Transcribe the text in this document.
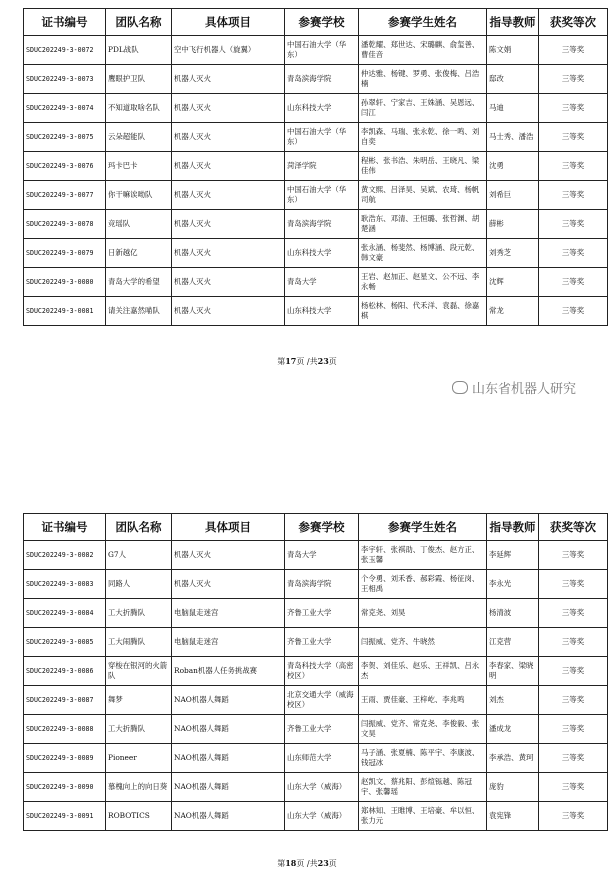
证书编号	团队名称	具体项目	参赛学校	参赛学生姓名	指导教师	获奖等次
SDUC202249-3-0072	PDL战队	空中飞行机器人（旋翼）	中国石油大学（华东）	潘乾耀、郑世达、宋璐麒、俞玺善、曹佳音	陈文娟	三等奖
SDUC202249-3-0073	鹰眼护卫队	机器人灭火	青岛滨海学院	仲达雅、杨键、罗勇、张俊梅、吕浩楠	邸改	三等奖
SDUC202249-3-0074	不知道取啥名队	机器人灭火	山东科技大学	孙翠轩、宁家吉、王姝涵、吴恩远、闫江	马迪	三等奖
SDUC202249-3-0075	云朵超能队	机器人灭火	中国石油大学（华东）	李凯森、马瑞、张永乾、徐一鸣、刘自奕	马士秀、潘浩	三等奖
SDUC202249-3-0076	玛卡巴卡	机器人灭火	菏泽学院	程彬、张书浩、朱明岳、王晓凡、梁佳伟	沈勇	三等奖
SDUC202249-3-0077	你干嘛诶呦队	机器人灭火	中国石油大学（华东）	黄文熙、吕泽昊、吴斌、农琦、杨帆司航	刘希巨	三等奖
SDUC202249-3-0078	竞瑶队	机器人灭火	青岛滨海学院	耿浩东、邓清、王恒璐、张哲渊、胡楚涵	薛彬	三等奖
SDUC202249-3-0079	日新越亿	机器人灭火	山东科技大学	张永涵、杨斐然、杨博涵、段元乾、韩文豪	刘秀芝	三等奖
SDUC202249-3-0080	青岛大学的希望	机器人灭火	青岛大学	王岩、赵加正、赵星文、公不远、李永畅	沈辉	三等奖
SDUC202249-3-0081	请关注嘉然喵队	机器人灭火	山东科技大学	杨松林、杨阳、代禾洋、袁磊、徐嘉棋	常龙	三等奖
第17页 /共23页
山东省机器人研究
证书编号	团队名称	具体项目	参赛学校	参赛学生姓名	指导教师	获奖等次
SDUC202249-3-0082	G7人	机器人灭火	青岛大学	李宇轩、张祺劭、丁俊杰、赵方正、张玉馨	李延辉	三等奖
SDUC202249-3-0083	同路人	机器人灭火	青岛滨海学院	个令勇、刘禾香、郝彩霞、杨征岗、王相禹	李永光	三等奖
SDUC202249-3-0084	工大折腾队	电脑鼠走迷宫	齐鲁工业大学	常克尧、刘昊	杨清波	三等奖
SDUC202249-3-0085	工大闹腾队	电脑鼠走迷宫	齐鲁工业大学	闫振威、党齐、牛晓然	江克营	三等奖
SDUC202249-3-0086	穿梭在银河的火箭队	Roban机器人任务挑战赛	青岛科技大学（高密校区）	李贺、刘佳乐、赵乐、王祥凯、吕永杰	李春家、梁晓明	三等奖
SDUC202249-3-0087	舞梦	NAO机器人舞蹈	北京交通大学（威海校区）	王雨、贾佳豪、王梓屹、李兆鸣	刘杰	三等奖
SDUC202249-3-0088	工大折腾队	NAO机器人舞蹈	齐鲁工业大学	闫振威、党齐、常克尧、李俊毅、张文昊	潘成龙	三等奖
SDUC202249-3-0089	Pioneer	NAO机器人舞蹈	山东师范大学	马子涵、张夏楠、陈平宇、李康波、钱冠冰	李承浩、黄珂	三等奖
SDUC202249-3-0090	慕槐向上的向日葵	NAO机器人舞蹈	山东大学（威海）	赵凯文、蔡兆阳、彭煊铄越、陈冠宇、张馨瑶	庞豹	三等奖
SDUC202249-3-0091	ROBOTICS	NAO机器人舞蹈	山东大学（威海）	郑林知、王睢博、王培豪、牟以恒、张力元	袁宪锋	三等奖
第18页 /共23页
